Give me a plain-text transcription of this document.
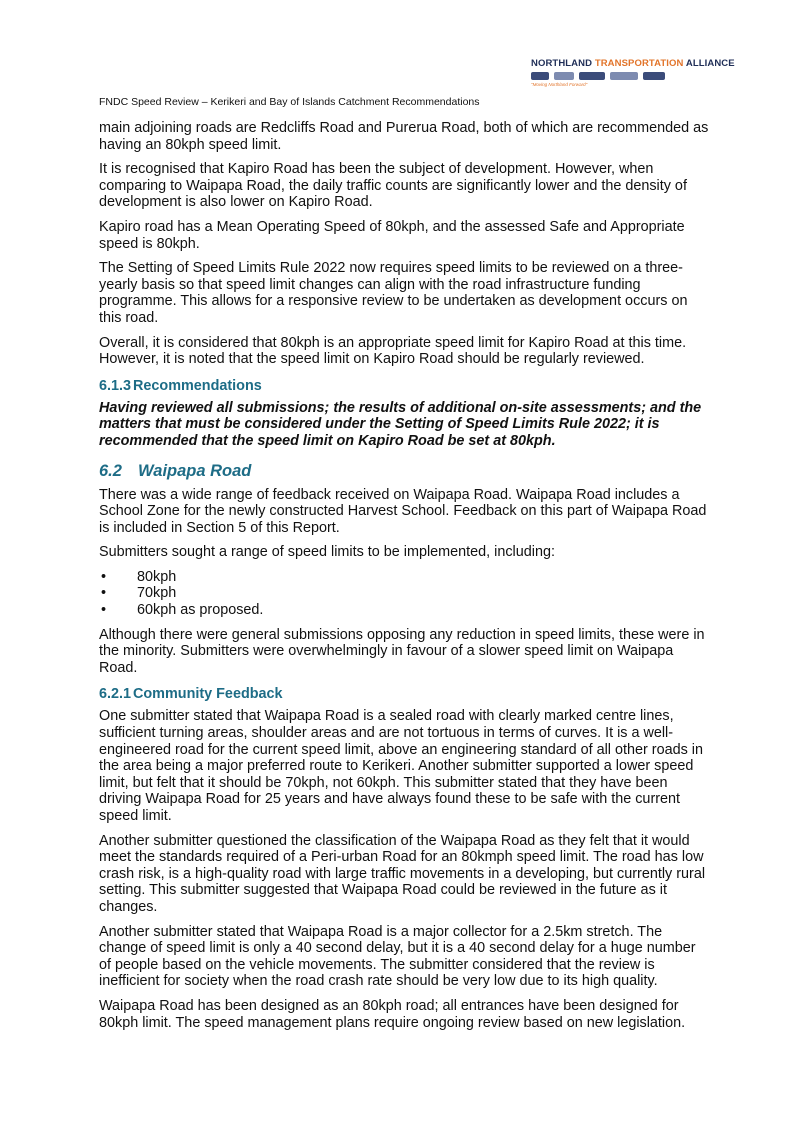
NORTHLAND TRANSPORTATION ALLIANCE
"Moving Northland Forward"
FNDC Speed Review – Kerikeri and Bay of Islands Catchment Recommendations

main adjoining roads are Redcliffs Road and Purerua Road, both of which are recommended as having an 80kph speed limit.

It is recognised that Kapiro Road has been the subject of development. However, when comparing to Waipapa Road, the daily traffic counts are significantly lower and the density of development is also lower on Kapiro Road.

Kapiro road has a Mean Operating Speed of 80kph, and the assessed Safe and Appropriate speed is 80kph.

The Setting of Speed Limits Rule 2022 now requires speed limits to be reviewed on a three-yearly basis so that speed limit changes can align with the road infrastructure funding programme. This allows for a responsive review to be undertaken as development occurs on this road.

Overall, it is considered that 80kph is an appropriate speed limit for Kapiro Road at this time. However, it is noted that the speed limit on Kapiro Road should be regularly reviewed.

6.1.3 Recommendations

Having reviewed all submissions; the results of additional on-site assessments; and the matters that must be considered under the Setting of Speed Limits Rule 2022; it is recommended that the speed limit on Kapiro Road be set at 80kph.

6.2 Waipapa Road

There was a wide range of feedback received on Waipapa Road. Waipapa Road includes a School Zone for the newly constructed Harvest School. Feedback on this part of Waipapa Road is included in Section 5 of this Report.

Submitters sought a range of speed limits to be implemented, including:

• 80kph
• 70kph
• 60kph as proposed.

Although there were general submissions opposing any reduction in speed limits, these were in the minority. Submitters were overwhelmingly in favour of a slower speed limit on Waipapa Road.

6.2.1 Community Feedback

One submitter stated that Waipapa Road is a sealed road with clearly marked centre lines, sufficient turning areas, shoulder areas and are not tortuous in terms of curves. It is a well-engineered road for the current speed limit, above an engineering standard of all other roads in the area being a major preferred route to Kerikeri. Another submitter supported a lower speed limit, but felt that it should be 70kph, not 60kph. This submitter stated that they have been driving Waipapa Road for 25 years and have always found these to be safe with the current speed limit.

Another submitter questioned the classification of the Waipapa Road as they felt that it would meet the standards required of a Peri-urban Road for an 80kmph speed limit. The road has low crash risk, is a high-quality road with large traffic movements in a developing, but currently rural setting. This submitter suggested that Waipapa Road could be reviewed in the future as it changes.

Another submitter stated that Waipapa Road is a major collector for a 2.5km stretch. The change of speed limit is only a 40 second delay, but it is a 40 second delay for a huge number of people based on the vehicle movements. The submitter considered that the review is inefficient for society when the road crash rate should be very low due to its high quality.

Waipapa Road has been designed as an 80kph road; all entrances have been designed for 80kph limit. The speed management plans require ongoing review based on new legislation.
